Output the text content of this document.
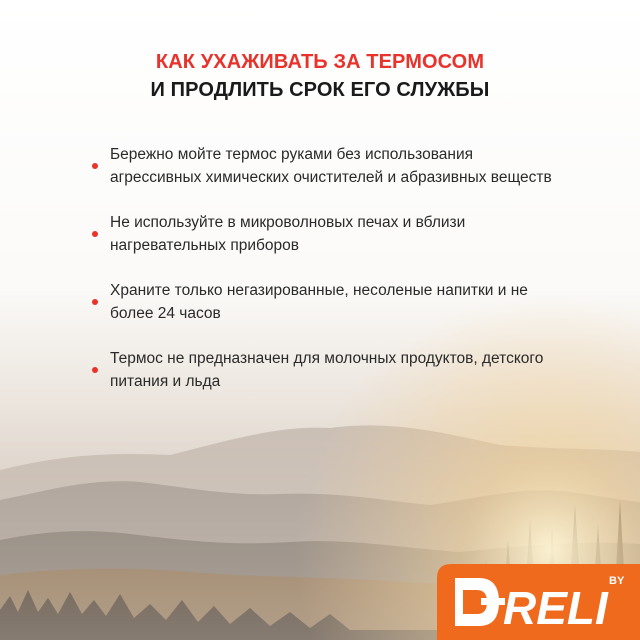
КАК УХАЖИВАТЬ ЗА ТЕРМОСОМ
И ПРОДЛИТЬ СРОК ЕГО СЛУЖБЫ
Бережно мойте термос руками без использования агрессивных химических очистителей и абразивных веществ
Не используйте в микроволновых печах и вблизи нагревательных приборов
Храните только негазированные, несоленые напитки и не более 24 часов
Термос не предназначен для молочных продуктов, детского питания и льда
RELI
BY
